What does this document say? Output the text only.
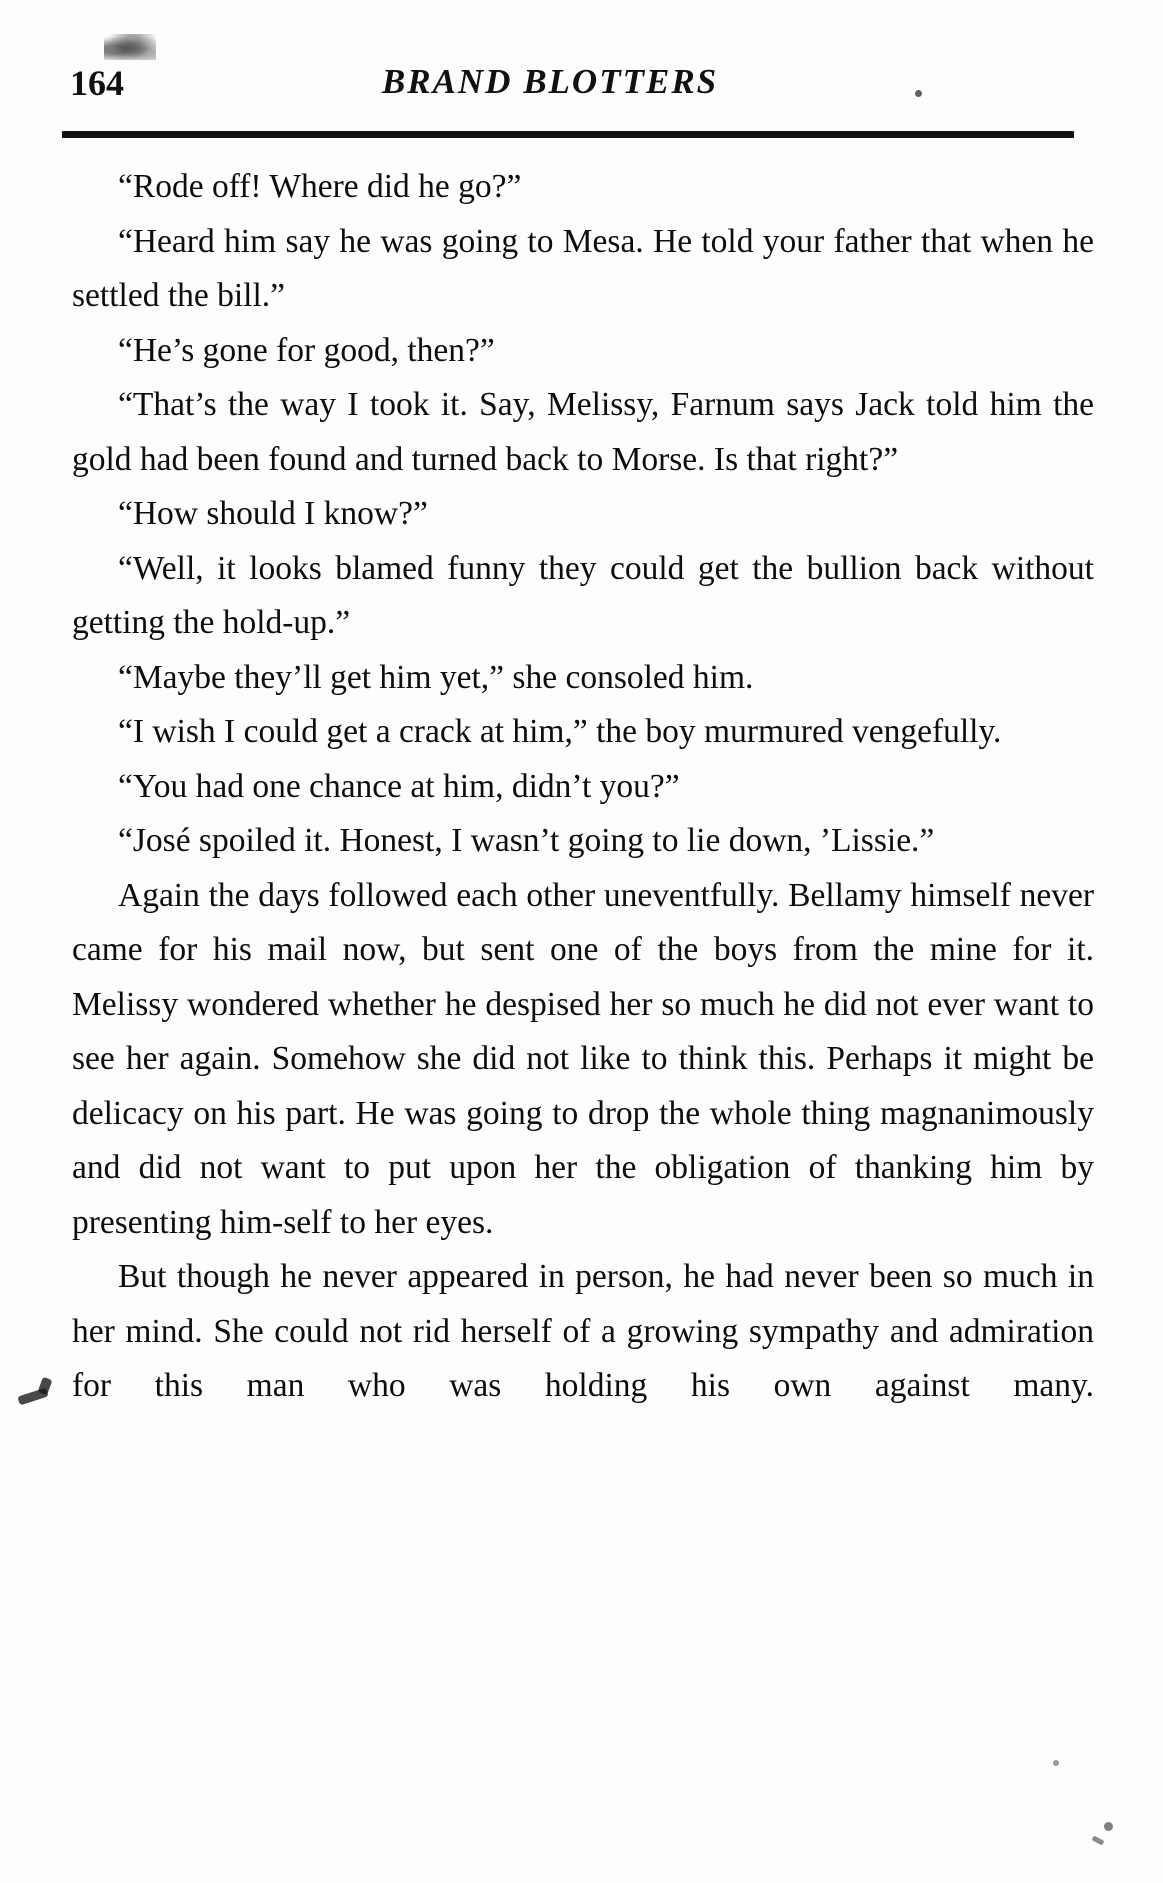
164	BRAND BLOTTERS

“Rode off! Where did he go?”

“Heard him say he was going to Mesa. He told your father that when he settled the bill.”

“He’s gone for good, then?”

“That’s the way I took it. Say, Melissy, Farnum says Jack told him the gold had been found and turned back to Morse. Is that right?”

“How should I know?”

“Well, it looks blamed funny they could get the bullion back without getting the hold-up.”

“Maybe they’ll get him yet,” she consoled him.

“I wish I could get a crack at him,” the boy murmured vengefully.

“You had one chance at him, didn’t you?”

“José spoiled it. Honest, I wasn’t going to lie down, ’Lissie.”

Again the days followed each other uneventfully. Bellamy himself never came for his mail now, but sent one of the boys from the mine for it. Melissy wondered whether he despised her so much he did not ever want to see her again. Somehow she did not like to think this. Perhaps it might be delicacy on his part. He was going to drop the whole thing magnanimously and did not want to put upon her the obligation of thanking him by presenting him-self to her eyes.

But though he never appeared in person, he had never been so much in her mind. She could not rid herself of a growing sympathy and admiration for this man who was holding his own against many.
